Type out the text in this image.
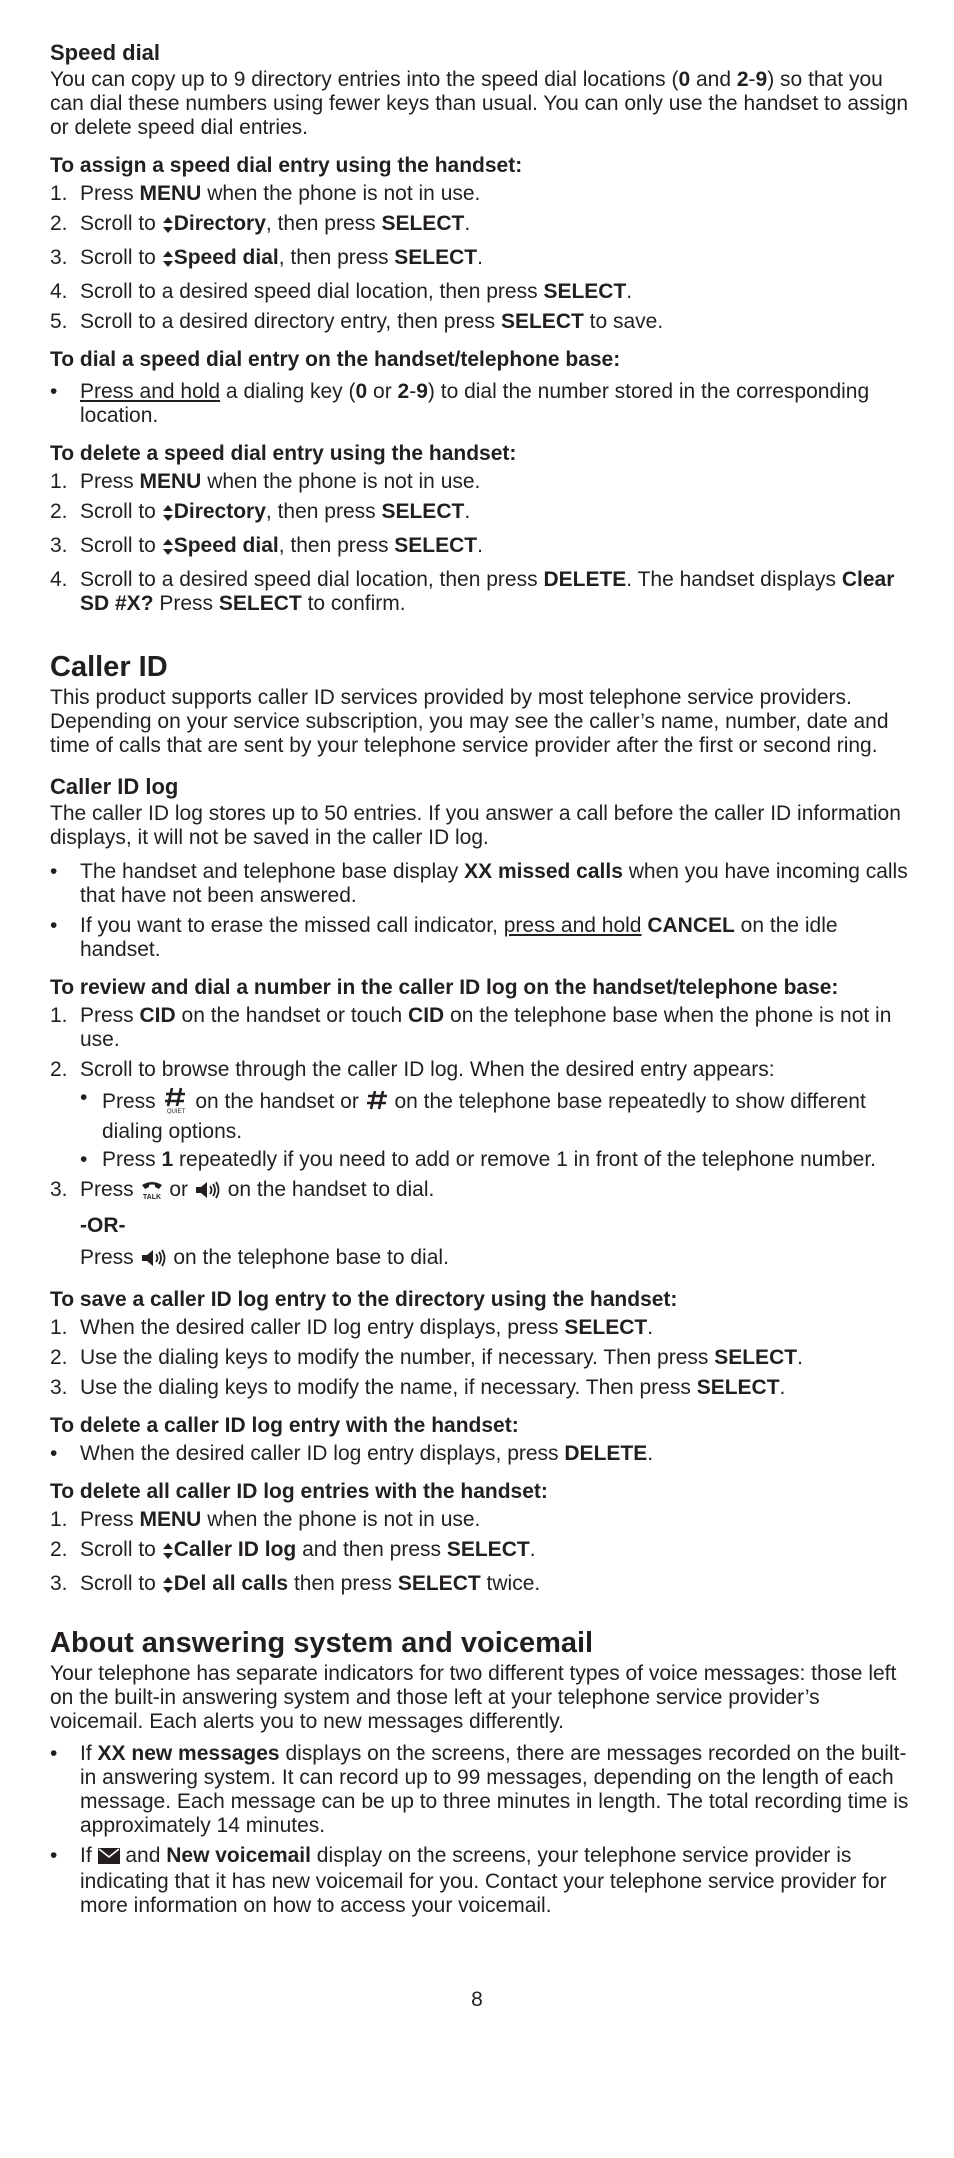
Speed dial

You can copy up to 9 directory entries into the speed dial locations (0 and 2-9) so that you can dial these numbers using fewer keys than usual. You can only use the handset to assign or delete speed dial entries.

To assign a speed dial entry using the handset:
1. Press MENU when the phone is not in use.
2. Scroll to Directory, then press SELECT.
3. Scroll to Speed dial, then press SELECT.
4. Scroll to a desired speed dial location, then press SELECT.
5. Scroll to a desired directory entry, then press SELECT to save.
To dial a speed dial entry on the handset/telephone base:
•	Press and hold a dialing key (0 or 2-9) to dial the number stored in the corresponding location.
To delete a speed dial entry using the handset:
1. Press MENU when the phone is not in use.
2. Scroll to Directory, then press SELECT.
3. Scroll to Speed dial, then press SELECT.
4. Scroll to a desired speed dial location, then press DELETE. The handset displays Clear SD #X? Press SELECT to confirm.
Caller ID

This product supports caller ID services provided by most telephone service providers. Depending on your service subscription, you may see the caller’s name, number, date and time of calls that are sent by your telephone service provider after the first or second ring.

Caller ID log

The caller ID log stores up to 50 entries. If you answer a call before the caller ID information displays, it will not be saved in the caller ID log.

•	The handset and telephone base display XX missed calls when you have incoming calls that have not been answered.
•	If you want to erase the missed call indicator, press and hold CANCEL on the idle handset.
To review and dial a number in the caller ID log on the handset/telephone base:
1. Press CID on the handset or touch CID on the telephone base when the phone is not in use.
2. Scroll to browse through the caller ID log. When the desired entry appears:
• Press QUIET on the handset or  on the telephone base repeatedly to show different dialing options.
• Press 1 repeatedly if you need to add or remove 1 in front of the telephone number.
3. Press TALK or  on the handset to dial.
-OR-
Press  on the telephone base to dial.
To save a caller ID log entry to the directory using the handset:
1. When the desired caller ID log entry displays, press SELECT.
2. Use the dialing keys to modify the number, if necessary. Then press SELECT.
3. Use the dialing keys to modify the name, if necessary. Then press SELECT.
To delete a caller ID log entry with the handset:
•	When the desired caller ID log entry displays, press DELETE.
To delete all caller ID log entries with the handset:
1. Press MENU when the phone is not in use.
2. Scroll to Caller ID log and then press SELECT.
3. Scroll to Del all calls then press SELECT twice.
About answering system and voicemail

Your telephone has separate indicators for two different types of voice messages: those left on the built-in answering system and those left at your telephone service provider’s voicemail. Each alerts you to new messages differently.

•	If XX new messages displays on the screens, there are messages recorded on the built-in answering system. It can record up to 99 messages, depending on the length of each message. Each message can be up to three minutes in length. The total recording time is approximately 14 minutes.
•	If  and New voicemail display on the screens, your telephone service provider is indicating that it has new voicemail for you. Contact your telephone service provider for more information on how to access your voicemail.
8
